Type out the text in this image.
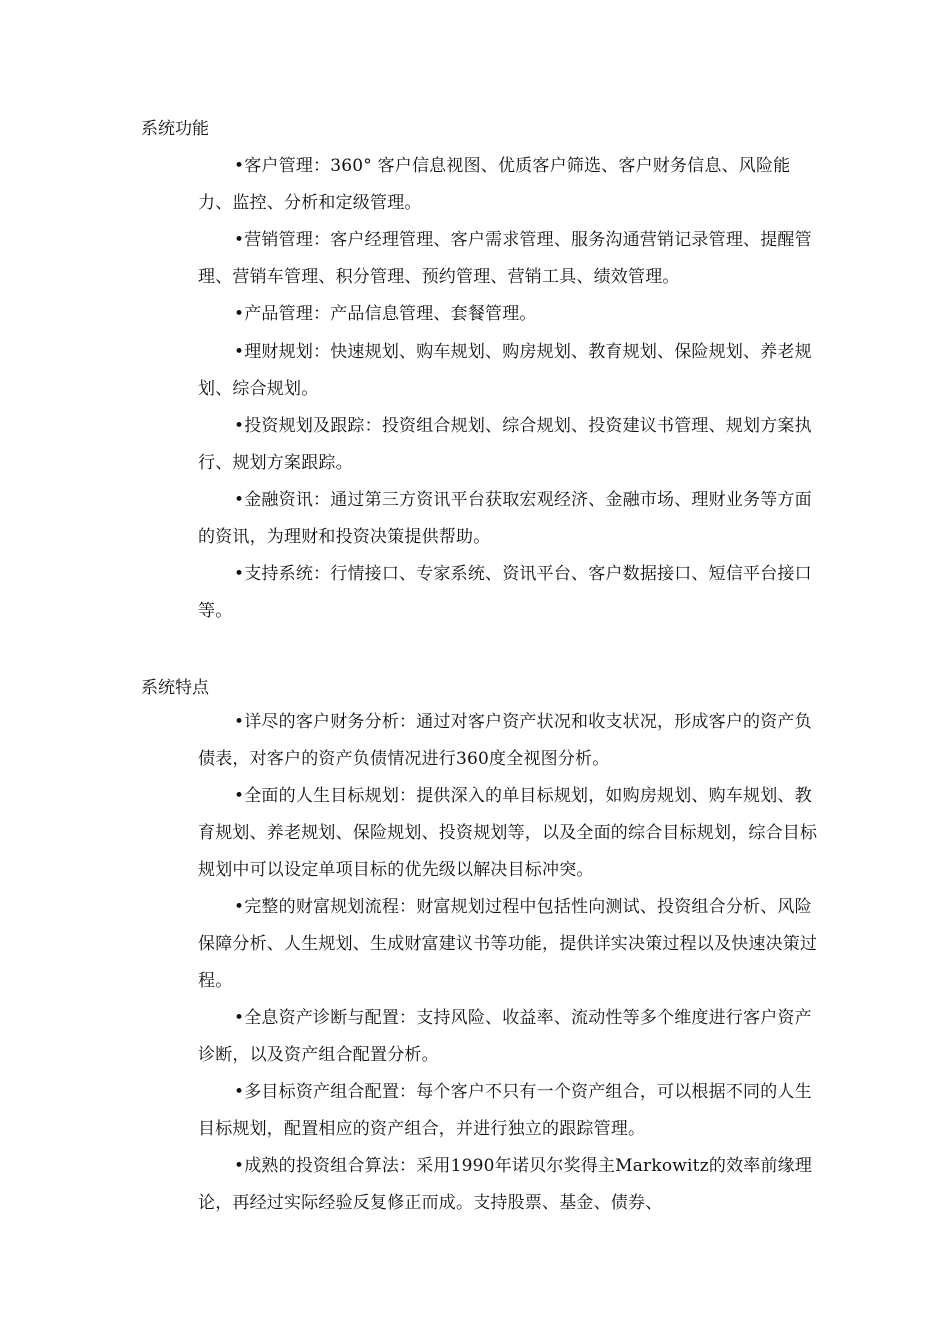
系统功能
•客户管理：360° 客户信息视图、优质客户筛选、客户财务信息、风险能力、监控、分析和定级管理。
•营销管理：客户经理管理、客户需求管理、服务沟通营销记录管理、提醒管理、营销车管理、积分管理、预约管理、营销工具、绩效管理。
•产品管理：产品信息管理、套餐管理。
•理财规划：快速规划、购车规划、购房规划、教育规划、保险规划、养老规划、综合规划。
•投资规划及跟踪：投资组合规划、综合规划、投资建议书管理、规划方案执行、规划方案跟踪。
•金融资讯：通过第三方资讯平台获取宏观经济、金融市场、理财业务等方面的资讯，为理财和投资决策提供帮助。
•支持系统：行情接口、专家系统、资讯平台、客户数据接口、短信平台接口等。
系统特点
•详尽的客户财务分析：通过对客户资产状况和收支状况，形成客户的资产负债表，对客户的资产负债情况进行360度全视图分析。
•全面的人生目标规划：提供深入的单目标规划，如购房规划、购车规划、教育规划、养老规划、保险规划、投资规划等，以及全面的综合目标规划，综合目标规划中可以设定单项目标的优先级以解决目标冲突。
•完整的财富规划流程：财富规划过程中包括性向测试、投资组合分析、风险保障分析、人生规划、生成财富建议书等功能，提供详实决策过程以及快速决策过程。
•全息资产诊断与配置：支持风险、收益率、流动性等多个维度进行客户资产诊断，以及资产组合配置分析。
•多目标资产组合配置：每个客户不只有一个资产组合，可以根据不同的人生目标规划，配置相应的资产组合，并进行独立的跟踪管理。
•成熟的投资组合算法：采用1990年诺贝尔奖得主Markowitz的效率前缘理论，再经过实际经验反复修正而成。支持股票、基金、债券、
